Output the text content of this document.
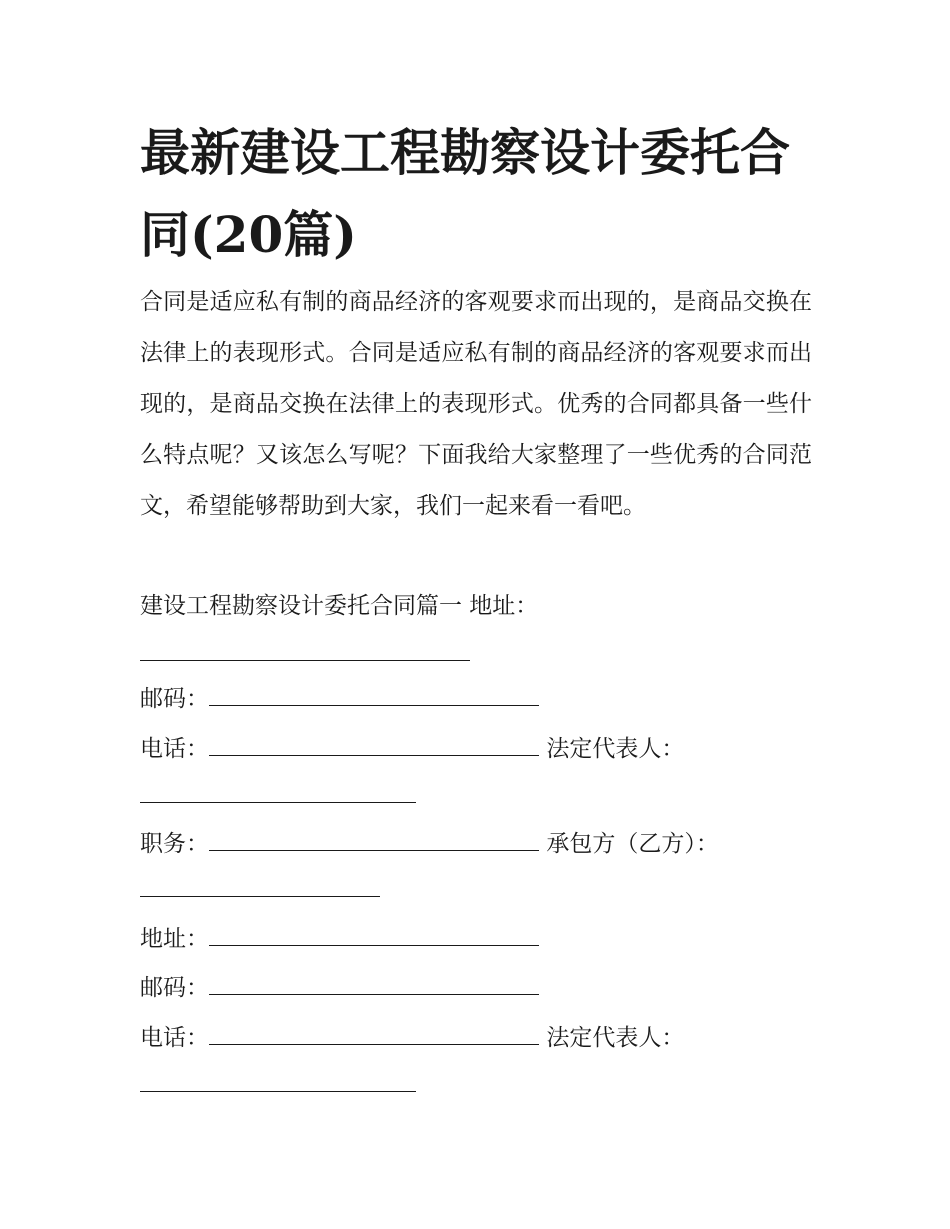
最新建设工程勘察设计委托合同(20篇)

合同是适应私有制的商品经济的客观要求而出现的，是商品交换在法律上的表现形式。合同是适应私有制的商品经济的客观要求而出现的，是商品交换在法律上的表现形式。优秀的合同都具备一些什么特点呢？又该怎么写呢？下面我给大家整理了一些优秀的合同范文，希望能够帮助到大家，我们一起来看一看吧。

建设工程勘察设计委托合同篇一 地址：
邮码：
电话：	法定代表人：
职务：	承包方（乙方）：
地址：
邮码：
电话：	法定代表人：
